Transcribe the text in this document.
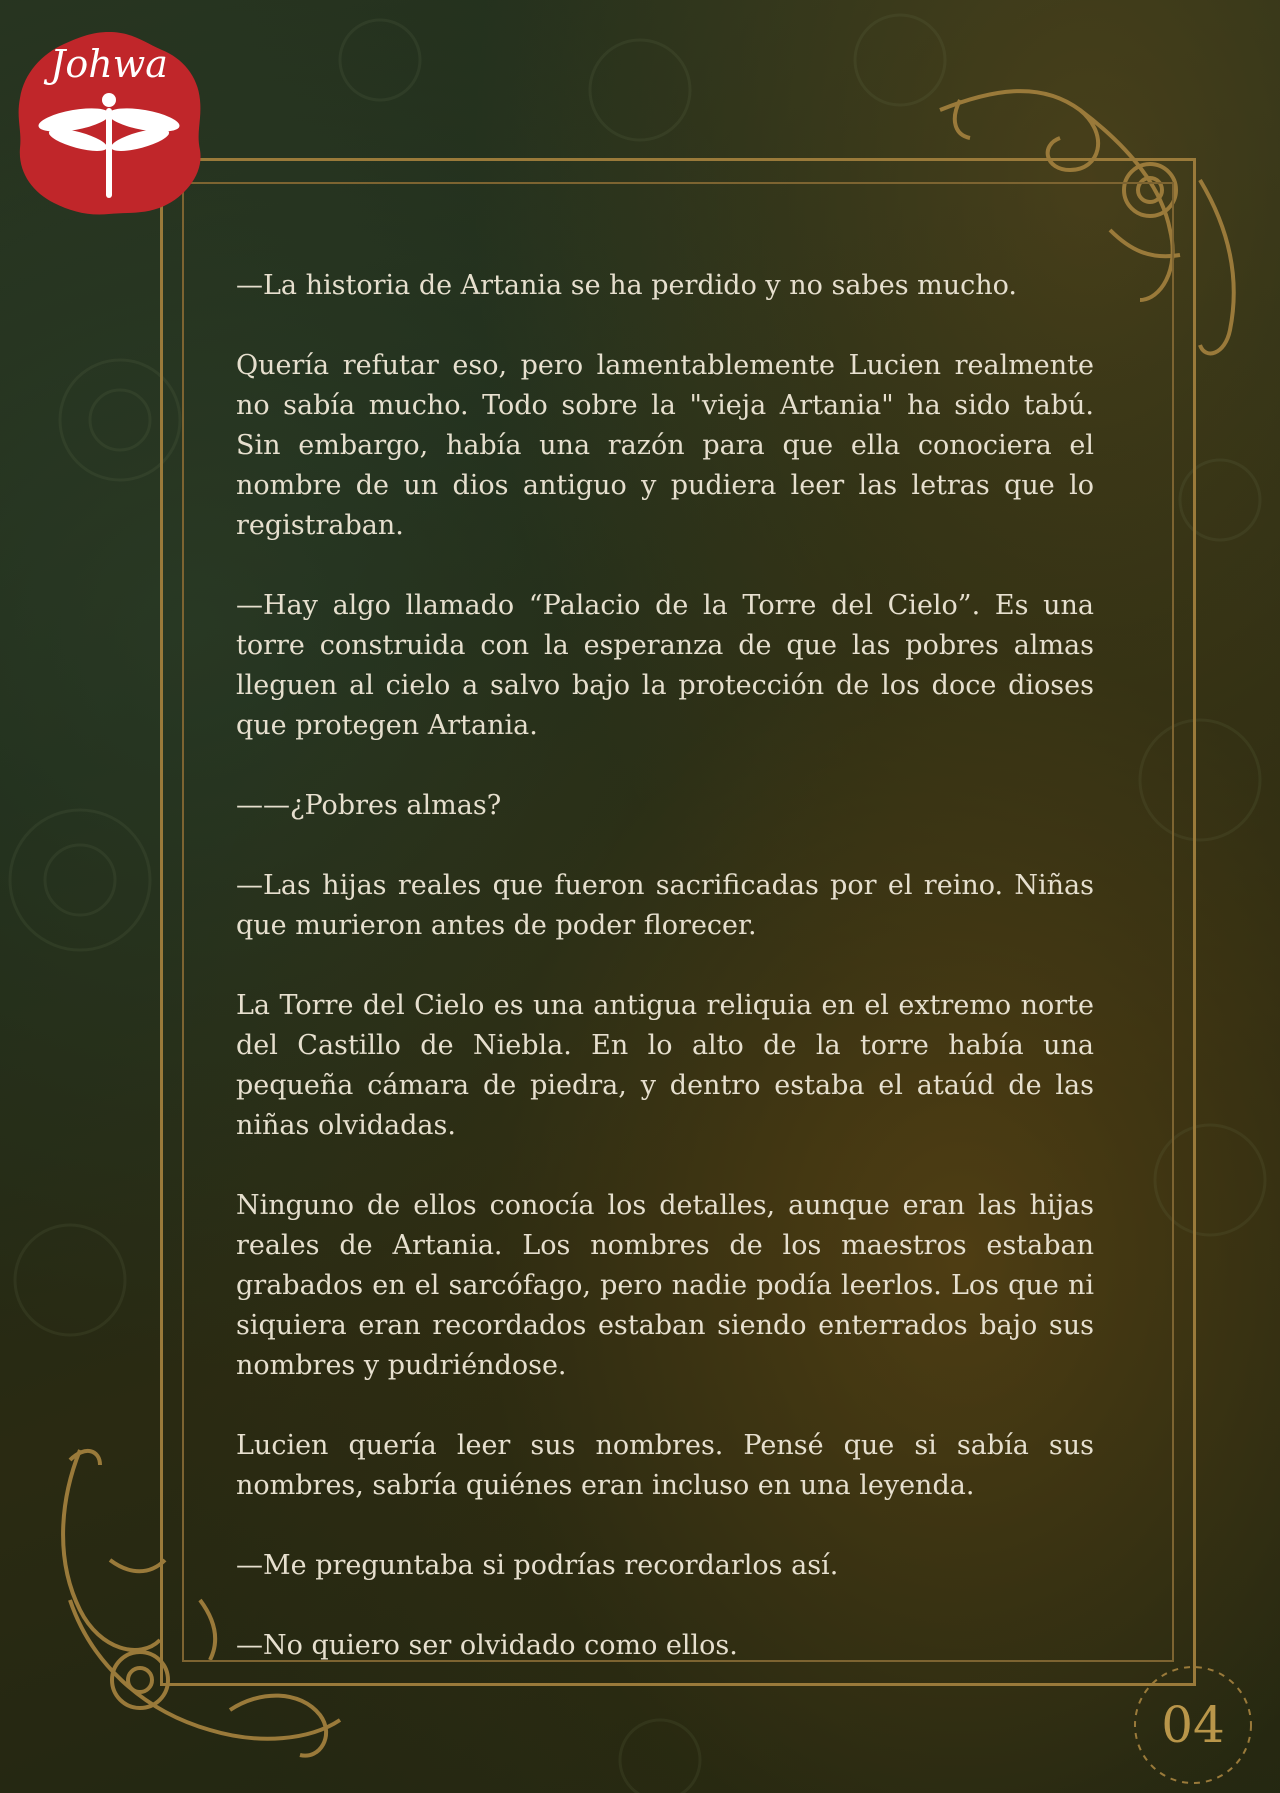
Johwa

—La historia de Artania se ha perdido y no sabes mucho.

Quería refutar eso, pero lamentablemente Lucien realmente no sabía mucho. Todo sobre la "vieja Artania" ha sido tabú. Sin embargo, había una razón para que ella conociera el nombre de un dios antiguo y pudiera leer las letras que lo registraban.

—Hay algo llamado “Palacio de la Torre del Cielo”. Es una torre construida con la esperanza de que las pobres almas lleguen al cielo a salvo bajo la protección de los doce dioses que protegen Artania.

——¿Pobres almas?

—Las hijas reales que fueron sacrificadas por el reino. Niñas que murieron antes de poder florecer.

La Torre del Cielo es una antigua reliquia en el extremo norte del Castillo de Niebla. En lo alto de la torre había una pequeña cámara de piedra, y dentro estaba el ataúd de las niñas olvidadas.

Ninguno de ellos conocía los detalles, aunque eran las hijas reales de Artania. Los nombres de los maestros estaban grabados en el sarcófago, pero nadie podía leerlos. Los que ni siquiera eran recordados estaban siendo enterrados bajo sus nombres y pudriéndose.

Lucien quería leer sus nombres. Pensé que si sabía sus nombres, sabría quiénes eran incluso en una leyenda.

—Me preguntaba si podrías recordarlos así.

—No quiero ser olvidado como ellos.

04
